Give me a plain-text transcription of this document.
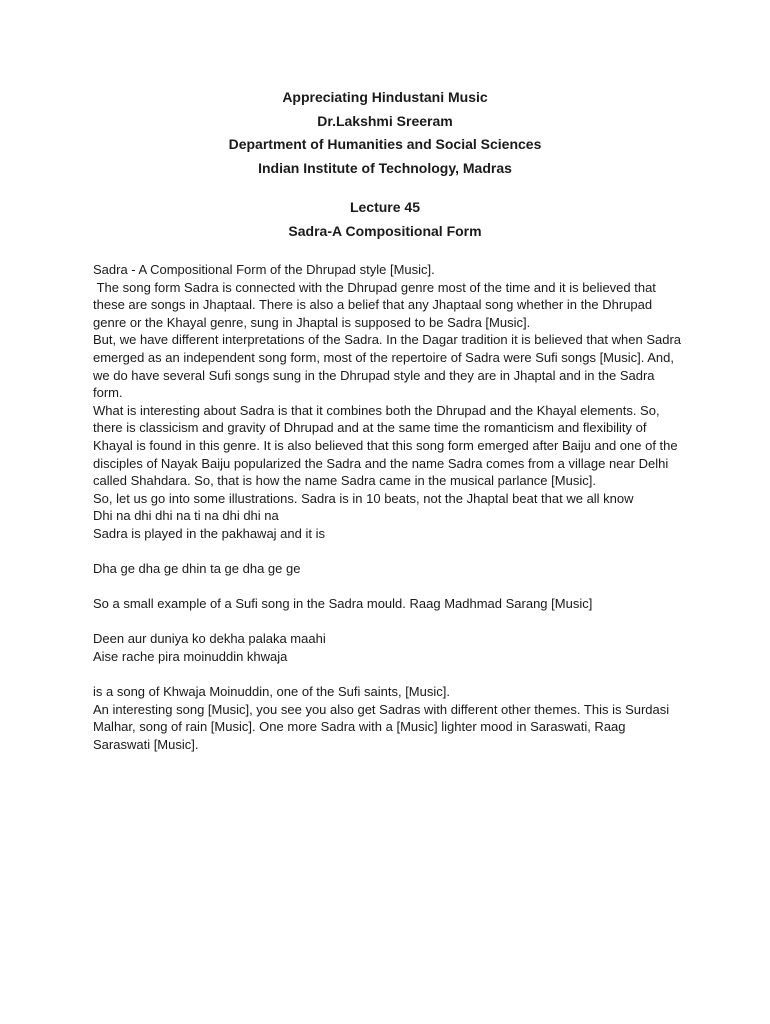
Appreciating Hindustani Music
Dr.Lakshmi Sreeram
Department of Humanities and Social Sciences
Indian Institute of Technology, Madras
Lecture 45
Sadra-A Compositional Form

Sadra - A Compositional Form of the Dhrupad style [Music].

The song form Sadra is connected with the Dhrupad genre most of the time and it is believed that these are songs in Jhaptaal. There is also a belief that any Jhaptaal song whether in the Dhrupad genre or the Khayal genre, sung in Jhaptal is supposed to be Sadra [Music].

But, we have different interpretations of the Sadra. In the Dagar tradition it is believed that when Sadra emerged as an independent song form, most of the repertoire of Sadra were Sufi songs [Music]. And, we do have several Sufi songs sung in the Dhrupad style and they are in Jhaptal and in the Sadra form.

What is interesting about Sadra is that it combines both the Dhrupad and the Khayal elements. So, there is classicism and gravity of Dhrupad and at the same time the romanticism and flexibility of Khayal is found in this genre. It is also believed that this song form emerged after Baiju and one of the disciples of Nayak Baiju popularized the Sadra and the name Sadra comes from a village near Delhi called Shahdara. So, that is how the name Sadra came in the musical parlance [Music].

So, let us go into some illustrations. Sadra is in 10 beats, not the Jhaptal beat that we all know

Dhi na dhi dhi na ti na dhi dhi na

Sadra is played in the pakhawaj and it is

Dha ge dha ge dhin ta ge dha ge ge

So a small example of a Sufi song in the Sadra mould. Raag Madhmad Sarang [Music]

Deen aur duniya ko dekha palaka maahi

Aise rache pira moinuddin khwaja

is a song of Khwaja Moinuddin, one of the Sufi saints, [Music].

An interesting song [Music], you see you also get Sadras with different other themes. This is Surdasi Malhar, song of rain [Music]. One more Sadra with a [Music] lighter mood in Saraswati, Raag Saraswati [Music].
